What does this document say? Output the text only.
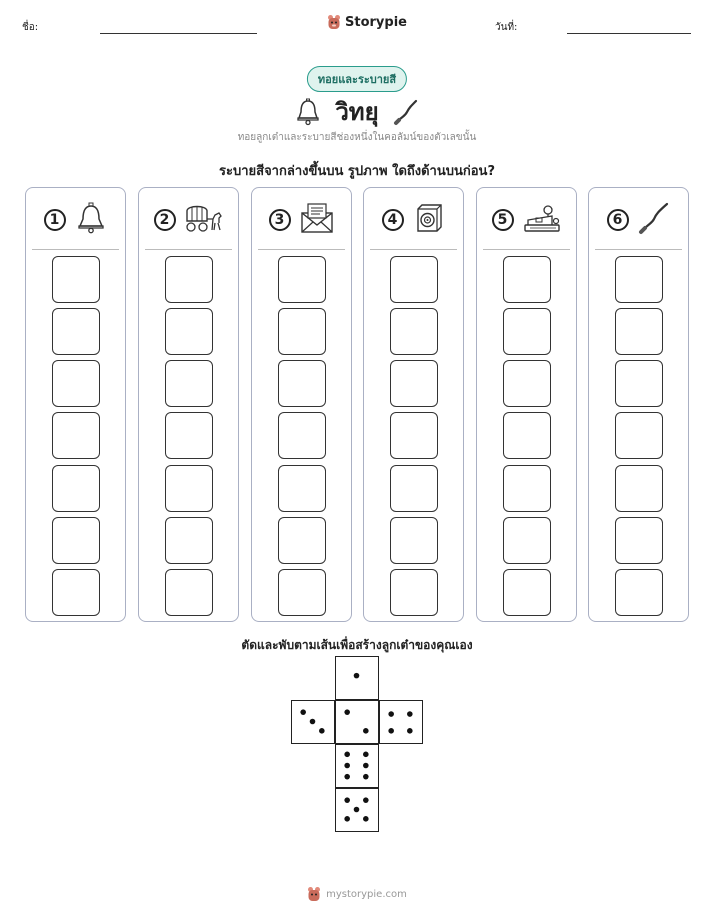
ชื่อ:	Storypie	วันที่:
ทอยและระบายสี
วิทยุ
ทอยลูกเต๋าและระบายสีช่องหนึ่งในคอลัมน์ของตัวเลขนั้น
ระบายสีจากล่างขึ้นบน รูปภาพ ใดถึงด้านบนก่อน?
1	2	3	4	5	6
ตัดและพับตามเส้นเพื่อสร้างลูกเต๋าของคุณเอง
mystorypie.com
